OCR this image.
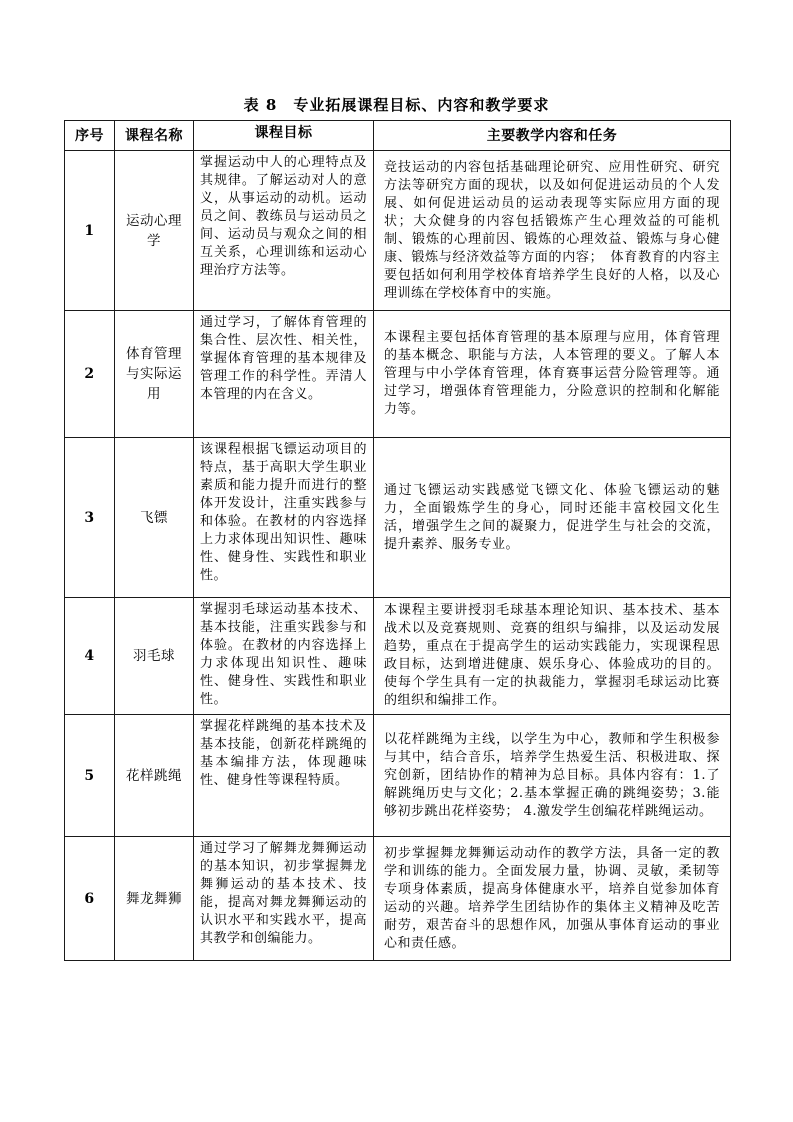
表 8　专业拓展课程目标、内容和教学要求
序号	课程名称	课程目标	主要教学内容和任务
1	运动心理学	掌握运动中人的心理特点及其规律。了解运动对人的意义，从事运动的动机。运动员之间、教练员与运动员之间、运动员与观众之间的相互关系，心理训练和运动心理治疗方法等。	竞技运动的内容包括基础理论研究、应用性研究、研究方法等研究方面的现状，以及如何促进运动员的个人发展、如何促进运动员的运动表现等实际应用方面的现状；大众健身的内容包括锻炼产生心理效益的可能机制、锻炼的心理前因、锻炼的心理效益、锻炼与身心健康、锻炼与经济效益等方面的内容；　体育教育的内容主要包括如何利用学校体育培养学生良好的人格，以及心理训练在学校体育中的实施。
2	体育管理与实际运用	通过学习，了解体育管理的集合性、层次性、相关性，掌握体育管理的基本规律及管理工作的科学性。弄清人本管理的内在含义。	本课程主要包括体育管理的基本原理与应用，体育管理的基本概念、职能与方法，人本管理的要义。了解人本管理与中小学体育管理，体育赛事运营分险管理等。通过学习，增强体育管理能力，分险意识的控制和化解能力等。
3	飞镖	该课程根据飞镖运动项目的特点，基于高职大学生职业素质和能力提升而进行的整体开发设计，注重实践参与和体验。在教材的内容选择上力求体现出知识性、趣味性、健身性、实践性和职业性。	通过飞镖运动实践感觉飞镖文化、体验飞镖运动的魅力，全面锻炼学生的身心，同时还能丰富校园文化生活，增强学生之间的凝聚力，促进学生与社会的交流，提升素养、服务专业。
4	羽毛球	掌握羽毛球运动基本技术、基本技能，注重实践参与和体验。在教材的内容选择上力求体现出知识性、趣味性、健身性、实践性和职业性。	本课程主要讲授羽毛球基本理论知识、基本技术、基本战术以及竞赛规则、竞赛的组织与编排，以及运动发展趋势，重点在于提高学生的运动实践能力，实现课程思政目标，达到增进健康、娱乐身心、体验成功的目的。使每个学生具有一定的执裁能力，掌握羽毛球运动比赛的组织和编排工作。
5	花样跳绳	掌握花样跳绳的基本技术及基本技能，创新花样跳绳的基本编排方法，体现趣味性、健身性等课程特质。	以花样跳绳为主线，以学生为中心，教师和学生积极参与其中，结合音乐，培养学生热爱生活、积极进取、探究创新，团结协作的精神为总目标。具体内容有：1.了解跳绳历史与文化；2.基本掌握正确的跳绳姿势；3.能够初步跳出花样姿势； 4.激发学生创编花样跳绳运动。
6	舞龙舞狮	通过学习了解舞龙舞狮运动的基本知识，初步掌握舞龙舞狮运动的基本技术、技能，提高对舞龙舞狮运动的认识水平和实践水平，提高其教学和创编能力。	初步掌握舞龙舞狮运动动作的教学方法，具备一定的教学和训练的能力。全面发展力量，协调、灵敏，柔韧等专项身体素质，提高身体健康水平，培养自觉参加体育运动的兴趣。培养学生团结协作的集体主义精神及吃苦耐劳，艰苦奋斗的思想作风，加强从事体育运动的事业心和责任感。
